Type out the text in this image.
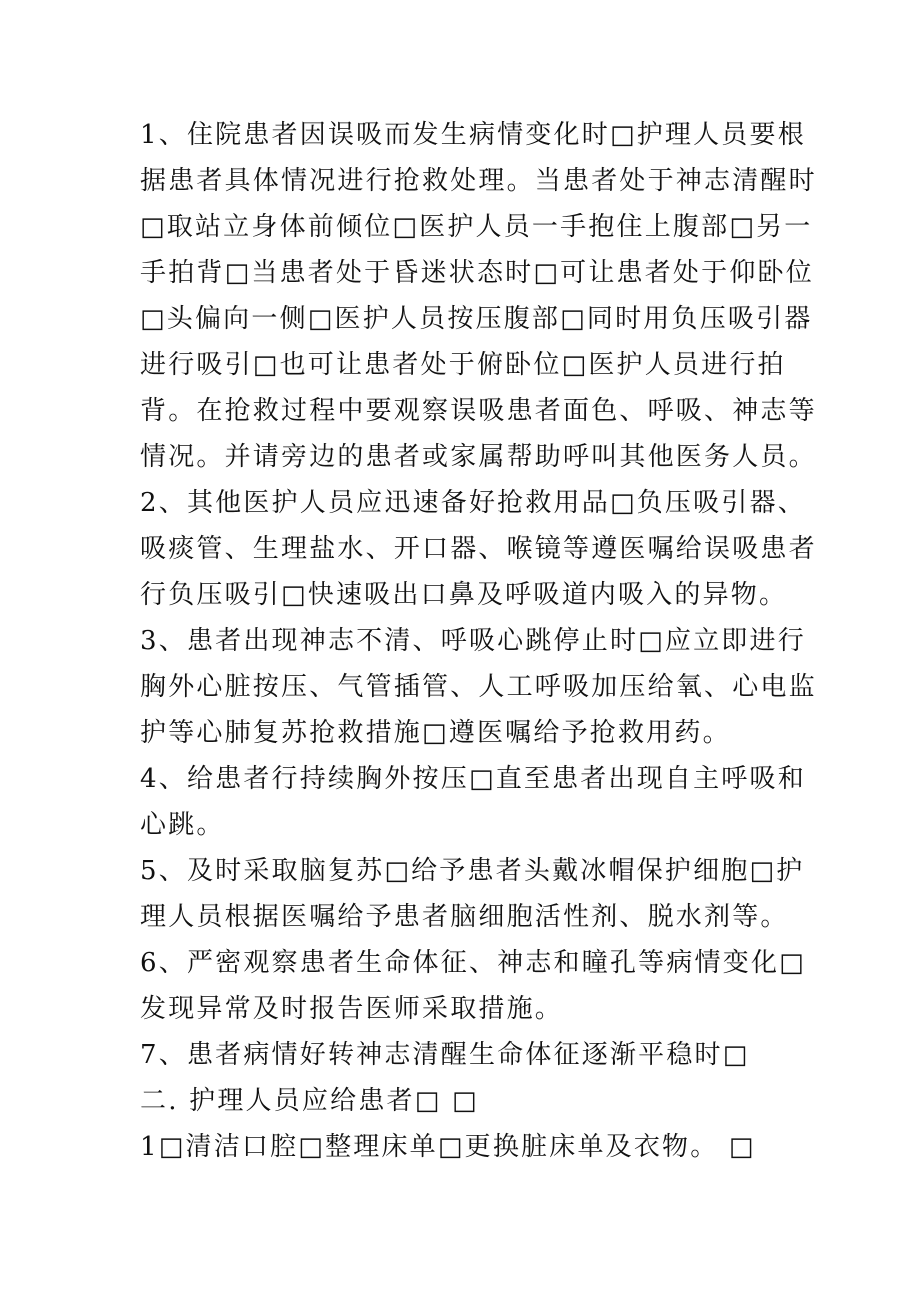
1、住院患者因误吸而发生病情变化时□护理人员要根据患者具体情况进行抢救处理。当患者处于神志清醒时□取站立身体前倾位□医护人员一手抱住上腹部□另一手拍背□当患者处于昏迷状态时□可让患者处于仰卧位□头偏向一侧□医护人员按压腹部□同时用负压吸引器进行吸引□也可让患者处于俯卧位□医护人员进行拍背。在抢救过程中要观察误吸患者面色、呼吸、神志等情况。并请旁边的患者或家属帮助呼叫其他医务人员。

2、其他医护人员应迅速备好抢救用品□负压吸引器、吸痰管、生理盐水、开口器、喉镜等遵医嘱给误吸患者行负压吸引□快速吸出口鼻及呼吸道内吸入的异物。

3、患者出现神志不清、呼吸心跳停止时□应立即进行胸外心脏按压、气管插管、人工呼吸加压给氧、心电监护等心肺复苏抢救措施□遵医嘱给予抢救用药。

4、给患者行持续胸外按压□直至患者出现自主呼吸和心跳。

5、及时采取脑复苏□给予患者头戴冰帽保护细胞□护理人员根据医嘱给予患者脑细胞活性剂、脱水剂等。

6、严密观察患者生命体征、神志和瞳孔等病情变化□发现异常及时报告医师采取措施。

7、患者病情好转神志清醒生命体征逐渐平稳时□

二. 护理人员应给患者□ □

1□清洁口腔□整理床单□更换脏床单及衣物。 □
